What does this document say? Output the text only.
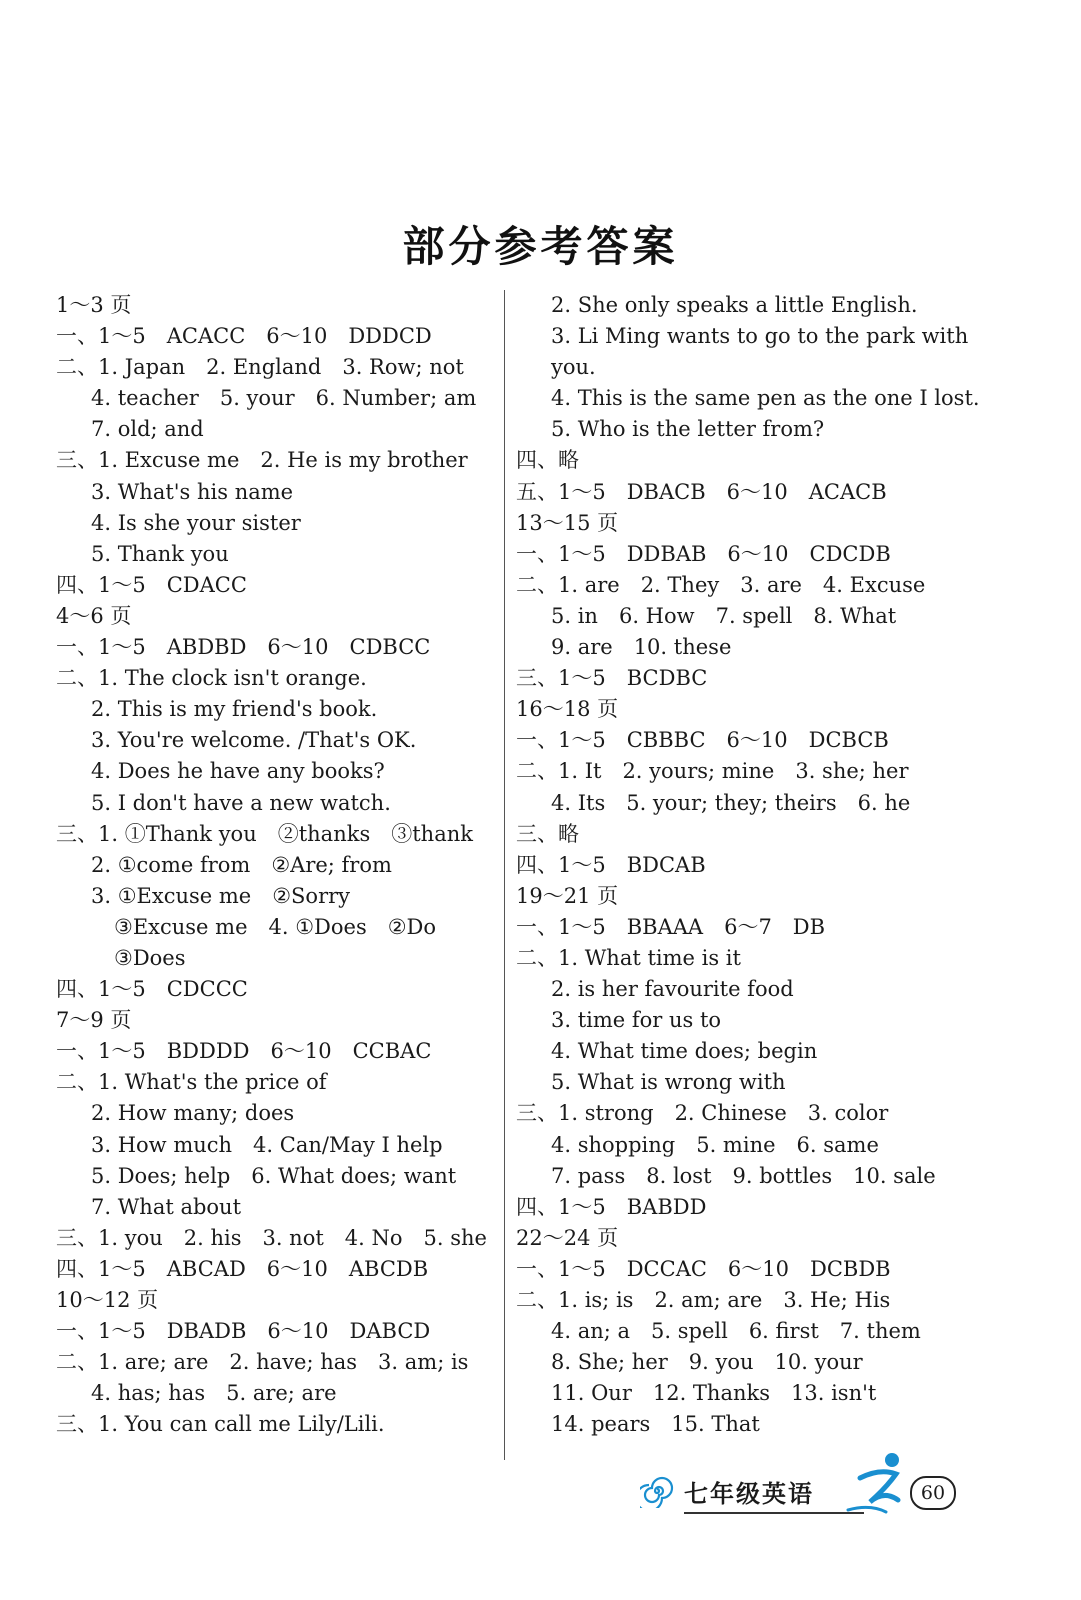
部分参考答案
1～3 页
一、1～5　ACACC　6～10　DDDCD
二、1. Japan　2. England　3. Row; not
4. teacher　5. your　6. Number; am
7. old; and
三、1. Excuse me　2. He is my brother
3. What's his name
4. Is she your sister
5. Thank you
四、1～5　CDACC
4～6 页
一、1～5　ABDBD　6～10　CDBCC
二、1. The clock isn't orange.
2. This is my friend's book.
3. You're welcome. /That's OK.
4. Does he have any books?
5. I don't have a new watch.
三、1. ①Thank you　②thanks　③thank
2. ①come from　②Are; from
3. ①Excuse me　②Sorry
③Excuse me　4. ①Does　②Do
③Does
四、1～5　CDCCC
7～9 页
一、1～5　BDDDD　6～10　CCBAC
二、1. What's the price of
2. How many; does
3. How much　4. Can/May I help
5. Does; help　6. What does; want
7. What about
三、1. you　2. his　3. not　4. No　5. she
四、1～5　ABCAD　6～10　ABCDB
10～12 页
一、1～5　DBADB　6～10　DABCD
二、1. are; are　2. have; has　3. am; is
4. has; has　5. are; are
三、1. You can call me Lily/Lili.
2. She only speaks a little English.
3. Li Ming wants to go to the park with
you.
4. This is the same pen as the one I lost.
5. Who is the letter from?
四、略
五、1～5　DBACB　6～10　ACACB
13～15 页
一、1～5　DDBAB　6～10　CDCDB
二、1. are　2. They　3. are　4. Excuse
5. in　6. How　7. spell　8. What
9. are　10. these
三、1～5　BCDBC
16～18 页
一、1～5　CBBBC　6～10　DCBCB
二、1. It　2. yours; mine　3. she; her
4. Its　5. your; they; theirs　6. he
三、略
四、1～5　BDCAB
19～21 页
一、1～5　BBAAA　6～7　DB
二、1. What time is it
2. is her favourite food
3. time for us to
4. What time does; begin
5. What is wrong with
三、1. strong　2. Chinese　3. color
4. shopping　5. mine　6. same
7. pass　8. lost　9. bottles　10. sale
四、1～5　BABDD
22～24 页
一、1～5　DCCAC　6～10　DCBDB
二、1. is; is　2. am; are　3. He; His
4. an; a　5. spell　6. first　7. them
8. She; her　9. you　10. your
11. Our　12. Thanks　13. isn't
14. pears　15. That
七年级英语	60
